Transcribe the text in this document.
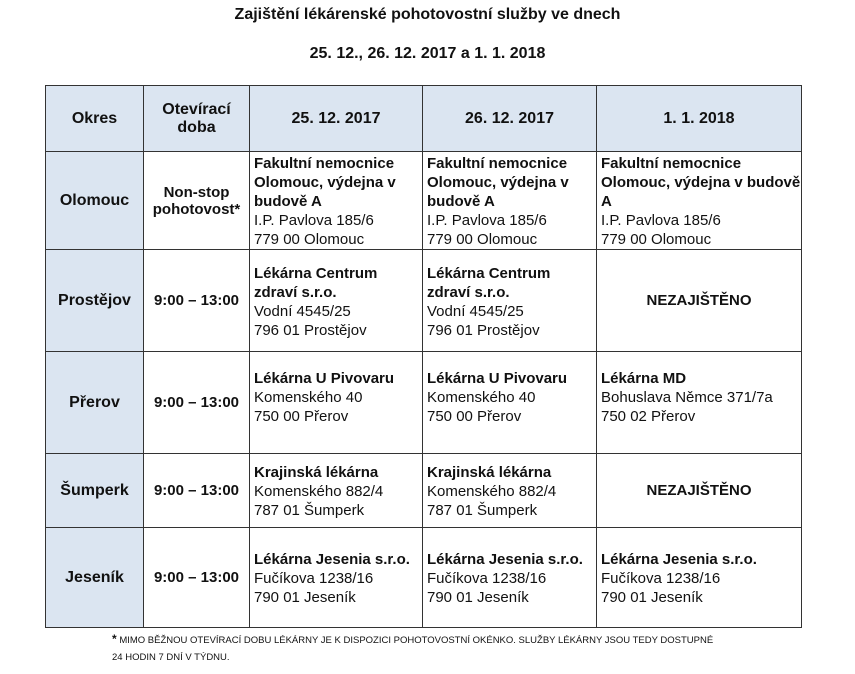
Zajištění lékárenské pohotovostní služby ve dnech
25. 12., 26. 12. 2017 a 1. 1. 2018
Okres	Otevírací doba	25. 12. 2017	26. 12. 2017	1. 1. 2018
Olomouc	Non-stop pohotovost*	Fakultní nemocnice Olomouc, výdejna v budově A
I.P. Pavlova 185/6
779 00 Olomouc	Fakultní nemocnice Olomouc, výdejna v budově A
I.P. Pavlova 185/6
779 00 Olomouc	Fakultní nemocnice Olomouc, výdejna v budově A
I.P. Pavlova 185/6
779 00 Olomouc

Prostějov	9:00 – 13:00	Lékárna Centrum zdraví s.r.o.
Vodní 4545/25
796 01 Prostějov	Lékárna Centrum zdraví s.r.o.
Vodní 4545/25
796 01 Prostějov	NEZAJIŠTĚNO
Přerov	9:00 – 13:00	Lékárna U Pivovaru
Komenského 40
750 00 Přerov	Lékárna U Pivovaru
Komenského 40
750 00 Přerov	Lékárna MD
Bohuslava Němce 371/7a
750 02 Přerov

Šumperk	9:00 – 13:00	Krajinská lékárna
Komenského 882/4
787 01 Šumperk	Krajinská lékárna
Komenského 882/4
787 01 Šumperk	NEZAJIŠTĚNO
Jeseník	9:00 – 13:00	Lékárna Jesenia s.r.o.
Fučíkova 1238/16
790 01 Jeseník	Lékárna Jesenia s.r.o.
Fučíkova 1238/16
790 01 Jeseník	Lékárna Jesenia s.r.o.
Fučíkova 1238/16
790 01 Jeseník
* MIMO BĚŽNOU OTEVÍRACÍ DOBU LÉKÁRNY JE K DISPOZICI POHOTOVOSTNÍ OKÉNKO. SLUŽBY LÉKÁRNY JSOU TEDY DOSTUPNÉ
24 HODIN 7 DNÍ V TÝDNU.
